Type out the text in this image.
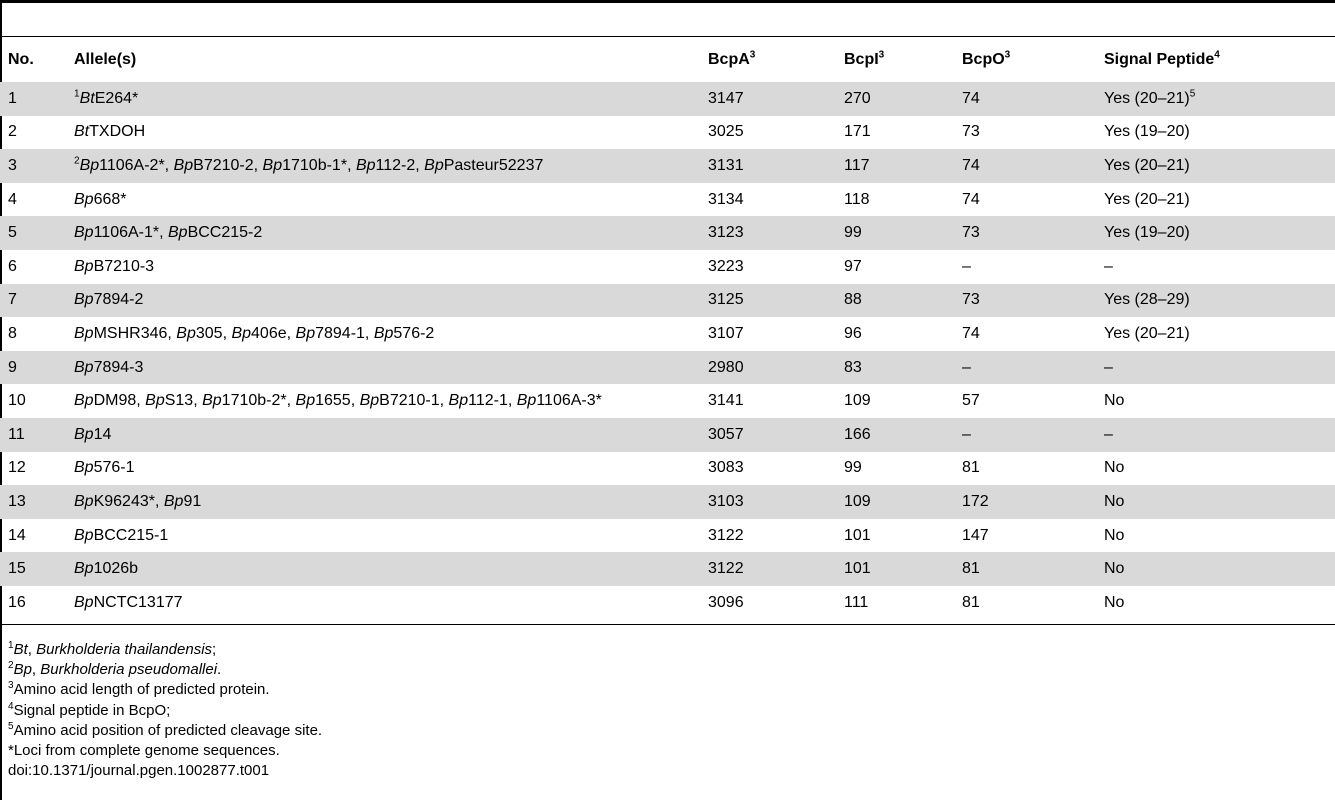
No.	Allele(s)	BcpA$^3$	BcpI$^3$	BcpO$^3$	Signal Peptide$^4$
1	$^1$BtE264*	3147	270	74	Yes $(20-21)^5$
2	BtTXDOH	3025	171	73	Yes (19–20)
3	$^2$Bp1106A-2*, BpB7210-2, Bp1710b-1*, Bp112-2, BpPasteur52237	3131	117	74	Yes (20–21)
4	Bp668*	3134	118	74	Yes (20–21)
5	Bp1106A-1*, BpBCC215-2	3123	99	73	Yes (19–20)
6	BpB7210-3	3223	97	–	–
7	Bp7894-2	3125	88	73	Yes (28–29)
8	BpMSHR346, Bp305, Bp406e, Bp7894-1, Bp576-2	3107	96	74	Yes (20–21)
9	Bp7894-3	2980	83	–	–
10	BpDM98, BpS13, Bp1710b-2*, Bp1655, BpB7210-1, Bp112-1, Bp1106A-3*	3141	109	57	No
11	Bp14	3057	166	–	–
12	Bp576-1	3083	99	81	No
13	BpK96243*, Bp91	3103	109	172	No
14	BpBCC215-1	3122	101	147	No
15	Bp1026b	3122	101	81	No
16	BpNCTC13177	3096	111	81	No
$^1$Bt, Burkholderia thailandensis;
$^2$Bp, Burkholderia pseudomallei.
$^3$Amino acid length of predicted protein.
$^4$Signal peptide in BcpO;
$^5$Amino acid position of predicted cleavage site.
*Loci from complete genome sequences.
doi:10.1371/journal.pgen.1002877.t001
